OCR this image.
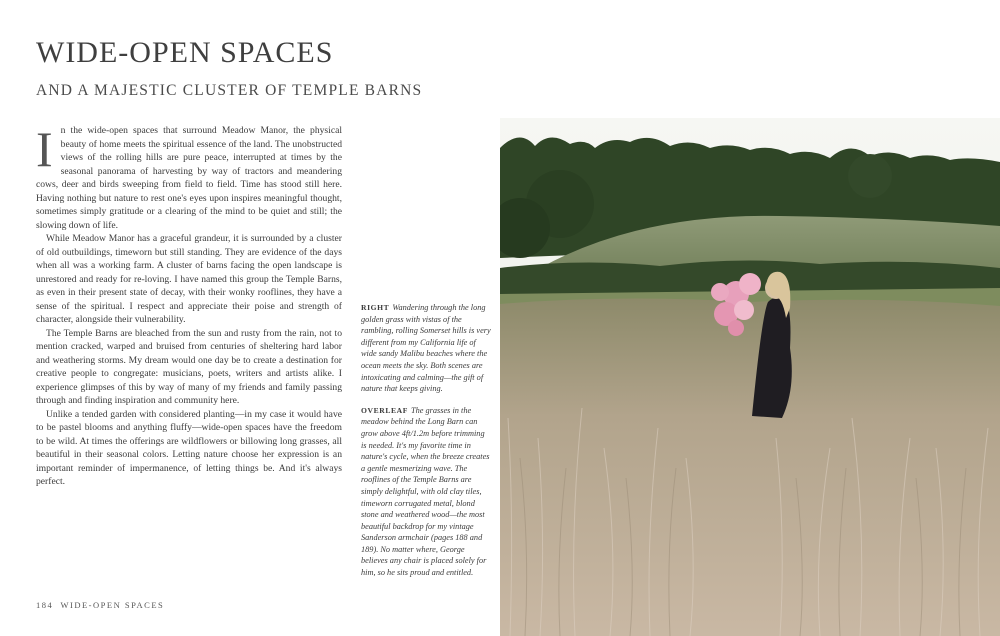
WIDE-OPEN SPACES
AND A MAJESTIC CLUSTER OF TEMPLE BARNS

In the wide-open spaces that surround Meadow Manor, the physical beauty of home meets the spiritual essence of the land. The unobstructed views of the rolling hills are pure peace, interrupted at times by the seasonal panorama of harvesting by way of tractors and meandering cows, deer and birds sweeping from field to field. Time has stood still here. Having nothing but nature to rest one's eyes upon inspires meaningful thought, sometimes simply gratitude or a clearing of the mind to be quiet and still; the slowing down of life.

While Meadow Manor has a graceful grandeur, it is surrounded by a cluster of old outbuildings, timeworn but still standing. They are evidence of the days when all was a working farm. A cluster of barns facing the open landscape is unrestored and ready for re-loving. I have named this group the Temple Barns, as even in their present state of decay, with their wonky rooflines, they have a sense of the spiritual. I respect and appreciate their poise and strength of character, alongside their vulnerability.

The Temple Barns are bleached from the sun and rusty from the rain, not to mention cracked, warped and bruised from centuries of sheltering hard labor and weathering storms. My dream would one day be to create a destination for creative people to congregate: musicians, poets, writers and artists alike. I experience glimpses of this by way of many of my friends and family passing through and finding inspiration and community here.

Unlike a tended garden with considered planting—in my case it would have to be pastel blooms and anything fluffy—wide-open spaces have the freedom to be wild. At times the offerings are wildflowers or billowing long grasses, all beautiful in their seasonal colors. Letting nature choose her expression is an important reminder of impermanence, of letting things be. And it's always perfect.

RIGHT Wandering through the long golden grass with vistas of the rambling, rolling Somerset hills is very different from my California life of wide sandy Malibu beaches where the ocean meets the sky. Both scenes are intoxicating and calming—the gift of nature that keeps giving.

OVERLEAF The grasses in the meadow behind the Long Barn can grow above 4ft/1.2m before trimming is needed. It's my favorite time in nature's cycle, when the breeze creates a gentle mesmerizing wave. The rooflines of the Temple Barns are simply delightful, with old clay tiles, timeworn corrugated metal, blond stone and weathered wood—the most beautiful backdrop for my vintage Sanderson armchair (pages 188 and 189). No matter where, George believes any chair is placed solely for him, so he sits proud and entitled.

184 WIDE-OPEN SPACES
